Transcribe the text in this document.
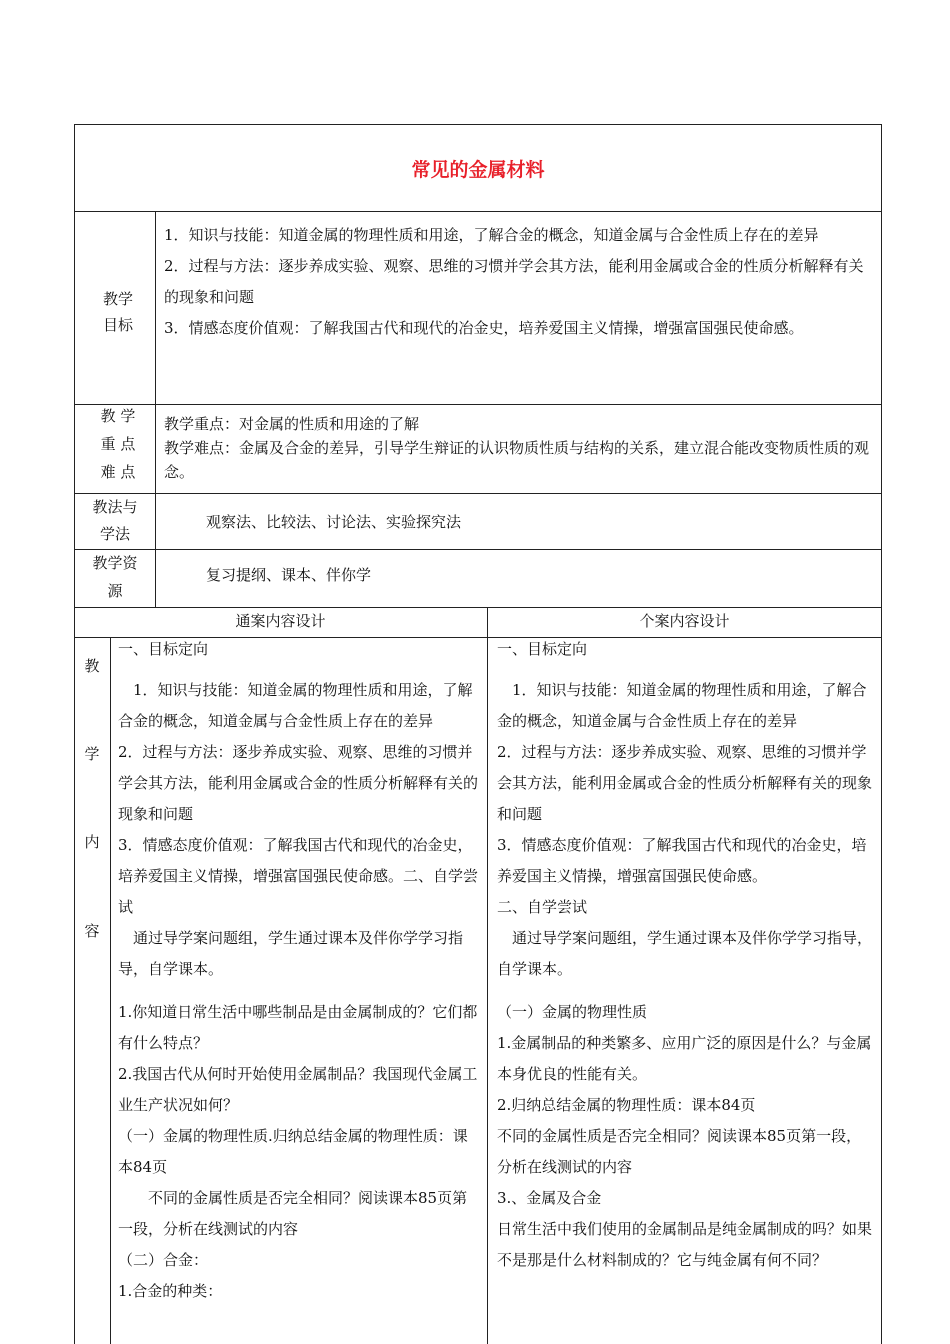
常见的金属材料
教学
目标

1．知识与技能：知道金属的物理性质和用途，了解合金的概念，知道金属与合金性质上存在的差异

2．过程与方法：逐步养成实验、观察、思维的习惯并学会其方法，能利用金属或合金的性质分析解释有关的现象和问题

3．情感态度价值观：了解我国古代和现代的冶金史，培养爱国主义情操，增强富国强民使命感。

教 学
重 点
难 点

教学重点：对金属的性质和用途的了解

教学难点：金属及合金的差异，引导学生辩证的认识物质性质与结构的关系，建立混合能改变物质性质的观念。

教法与
学法
观察法、比较法、讨论法、实验探究法
教学资
源
复习提纲、课本、伴你学
通案内容设计	个案内容设计
教
学
内
容

一、目标定向

　1．知识与技能：知道金属的物理性质和用途，了解合金的概念，知道金属与合金性质上存在的差异

2．过程与方法：逐步养成实验、观察、思维的习惯并学会其方法，能利用金属或合金的性质分析解释有关的现象和问题

3．情感态度价值观：了解我国古代和现代的冶金史，培养爱国主义情操，增强富国强民使命感。二、自学尝试

　通过导学案问题组，学生通过课本及伴你学学习指导，自学课本。

1.你知道日常生活中哪些制品是由金属制成的？它们都有什么特点？

2.我国古代从何时开始使用金属制品？我国现代金属工业生产状况如何？

（一）金属的物理性质.归纳总结金属的物理性质：课本84页

　　不同的金属性质是否完全相同？阅读课本85页第一段，分析在线测试的内容

（二）合金：

1.合金的种类：

一、目标定向

　1．知识与技能：知道金属的物理性质和用途，了解合金的概念，知道金属与合金性质上存在的差异

2．过程与方法：逐步养成实验、观察、思维的习惯并学会其方法，能利用金属或合金的性质分析解释有关的现象和问题

3．情感态度价值观：了解我国古代和现代的冶金史，培养爱国主义情操，增强富国强民使命感。

二、自学尝试

　通过导学案问题组，学生通过课本及伴你学学习指导，自学课本。

（一）金属的物理性质

1.金属制品的种类繁多、应用广泛的原因是什么？与金属本身优良的性能有关。

2.归纳总结金属的物理性质：课本84页

不同的金属性质是否完全相同？阅读课本85页第一段，分析在线测试的内容

3.、金属及合金

日常生活中我们使用的金属制品是纯金属制成的吗？如果不是那是什么材料制成的？它与纯金属有何不同？
